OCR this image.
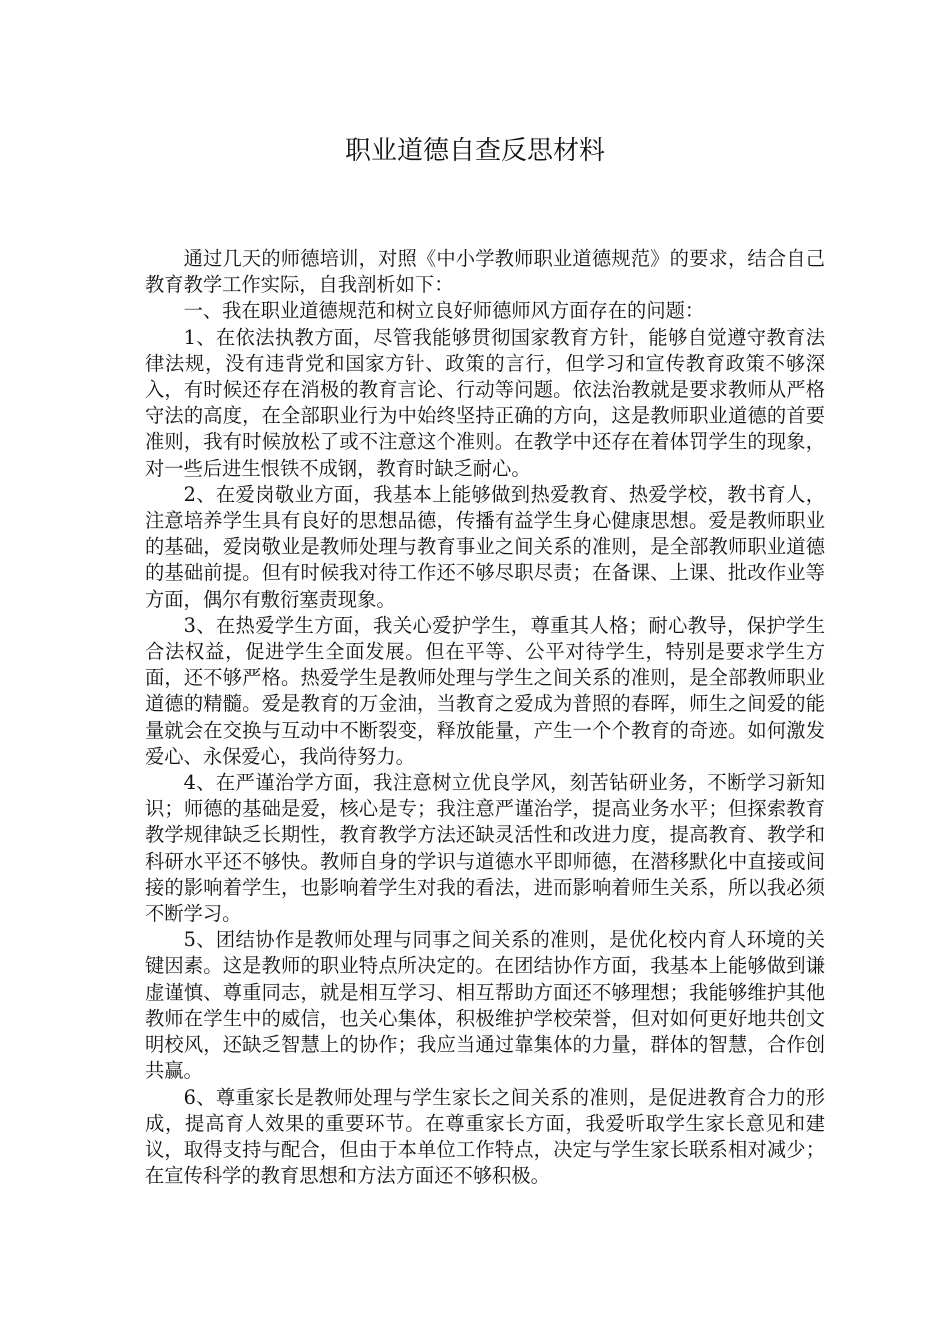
职业道德自查反思材料

通过几天的师德培训，对照《中小学教师职业道德规范》的要求，结合自己教育教学工作实际，自我剖析如下：

一、我在职业道德规范和树立良好师德师风方面存在的问题：

1、在依法执教方面，尽管我能够贯彻国家教育方针，能够自觉遵守教育法律法规，没有违背党和国家方针、政策的言行，但学习和宣传教育政策不够深入，有时候还存在消极的教育言论、行动等问题。依法治教就是要求教师从严格守法的高度，在全部职业行为中始终坚持正确的方向，这是教师职业道德的首要准则，我有时候放松了或不注意这个准则。在教学中还存在着体罚学生的现象，对一些后进生恨铁不成钢，教育时缺乏耐心。

2、在爱岗敬业方面，我基本上能够做到热爱教育、热爱学校，教书育人，注意培养学生具有良好的思想品德，传播有益学生身心健康思想。爱是教师职业的基础，爱岗敬业是教师处理与教育事业之间关系的准则，是全部教师职业道德的基础前提。但有时候我对待工作还不够尽职尽责；在备课、上课、批改作业等方面，偶尔有敷衍塞责现象。

3、在热爱学生方面，我关心爱护学生，尊重其人格；耐心教导，保护学生合法权益，促进学生全面发展。但在平等、公平对待学生，特别是要求学生方面，还不够严格。热爱学生是教师处理与学生之间关系的准则，是全部教师职业道德的精髓。爱是教育的万金油，当教育之爱成为普照的春晖，师生之间爱的能量就会在交换与互动中不断裂变，释放能量，产生一个个教育的奇迹。如何激发爱心、永保爱心，我尚待努力。

4、在严谨治学方面，我注意树立优良学风，刻苦钻研业务，不断学习新知识；师德的基础是爱，核心是专；我注意严谨治学，提高业务水平；但探索教育教学规律缺乏长期性，教育教学方法还缺灵活性和改进力度，提高教育、教学和科研水平还不够快。教师自身的学识与道德水平即师德，在潜移默化中直接或间接的影响着学生，也影响着学生对我的看法，进而影响着师生关系，所以我必须不断学习。

5、团结协作是教师处理与同事之间关系的准则，是优化校内育人环境的关键因素。这是教师的职业特点所决定的。在团结协作方面，我基本上能够做到谦虚谨慎、尊重同志，就是相互学习、相互帮助方面还不够理想；我能够维护其他教师在学生中的威信，也关心集体，积极维护学校荣誉，但对如何更好地共创文明校风，还缺乏智慧上的协作；我应当通过靠集体的力量，群体的智慧，合作创共赢。

6、尊重家长是教师处理与学生家长之间关系的准则，是促进教育合力的形成，提高育人效果的重要环节。在尊重家长方面，我爱听取学生家长意见和建议，取得支持与配合，但由于本单位工作特点，决定与学生家长联系相对减少；在宣传科学的教育思想和方法方面还不够积极。
